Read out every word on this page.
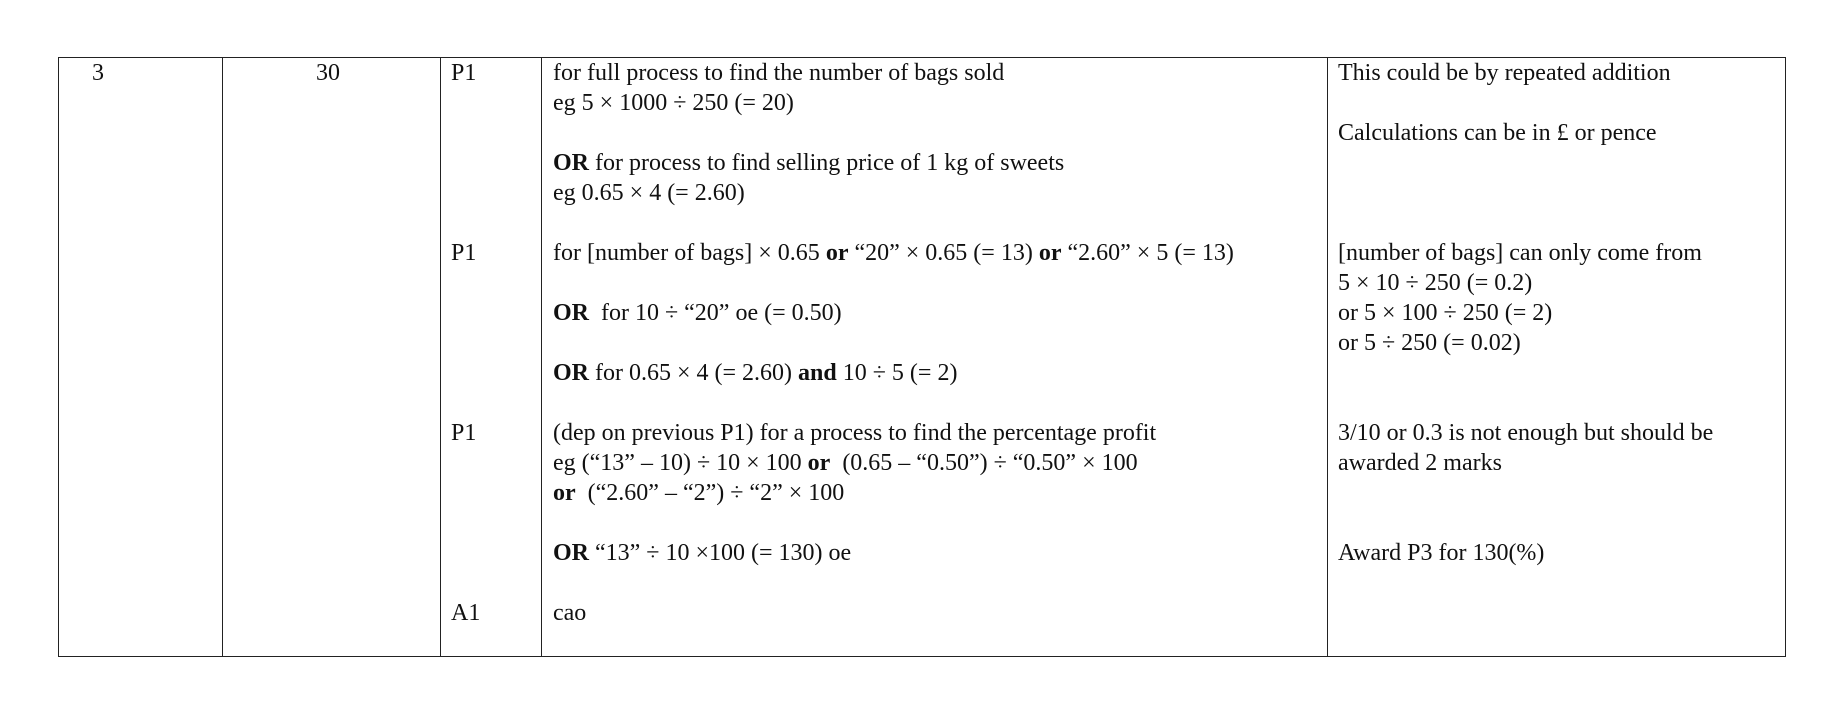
3	30	P1
P1
P1
A1
for full process to find the number of bags sold
eg 5 × 1000 ÷ 250 (= 20)

OR for process to find selling price of 1 kg of sweets
eg 0.65 × 4 (= 2.60)
for [number of bags] × 0.65 or “20” × 0.65 (= 13) or “2.60” × 5 (= 13)

OR  for 10 ÷ “20” oe (= 0.50)

OR for 0.65 × 4 (= 2.60) and 10 ÷ 5 (= 2)
(dep on previous P1) for a process to find the percentage profit
eg (“13” – 10) ÷ 10 × 100 or  (0.65 – “0.50”) ÷ “0.50” × 100
or  (“2.60” – “2”) ÷ “2” × 100

OR “13” ÷ 10 ×100 (= 130) oe
cao
This could be by repeated addition
Calculations can be in £ or pence
[number of bags] can only come from
5 × 10 ÷ 250 (= 0.2)
or 5 × 100 ÷ 250 (= 2)
or 5 ÷ 250 (= 0.02)
3/10 or 0.3 is not enough but should be
awarded 2 marks
Award P3 for 130(%)
